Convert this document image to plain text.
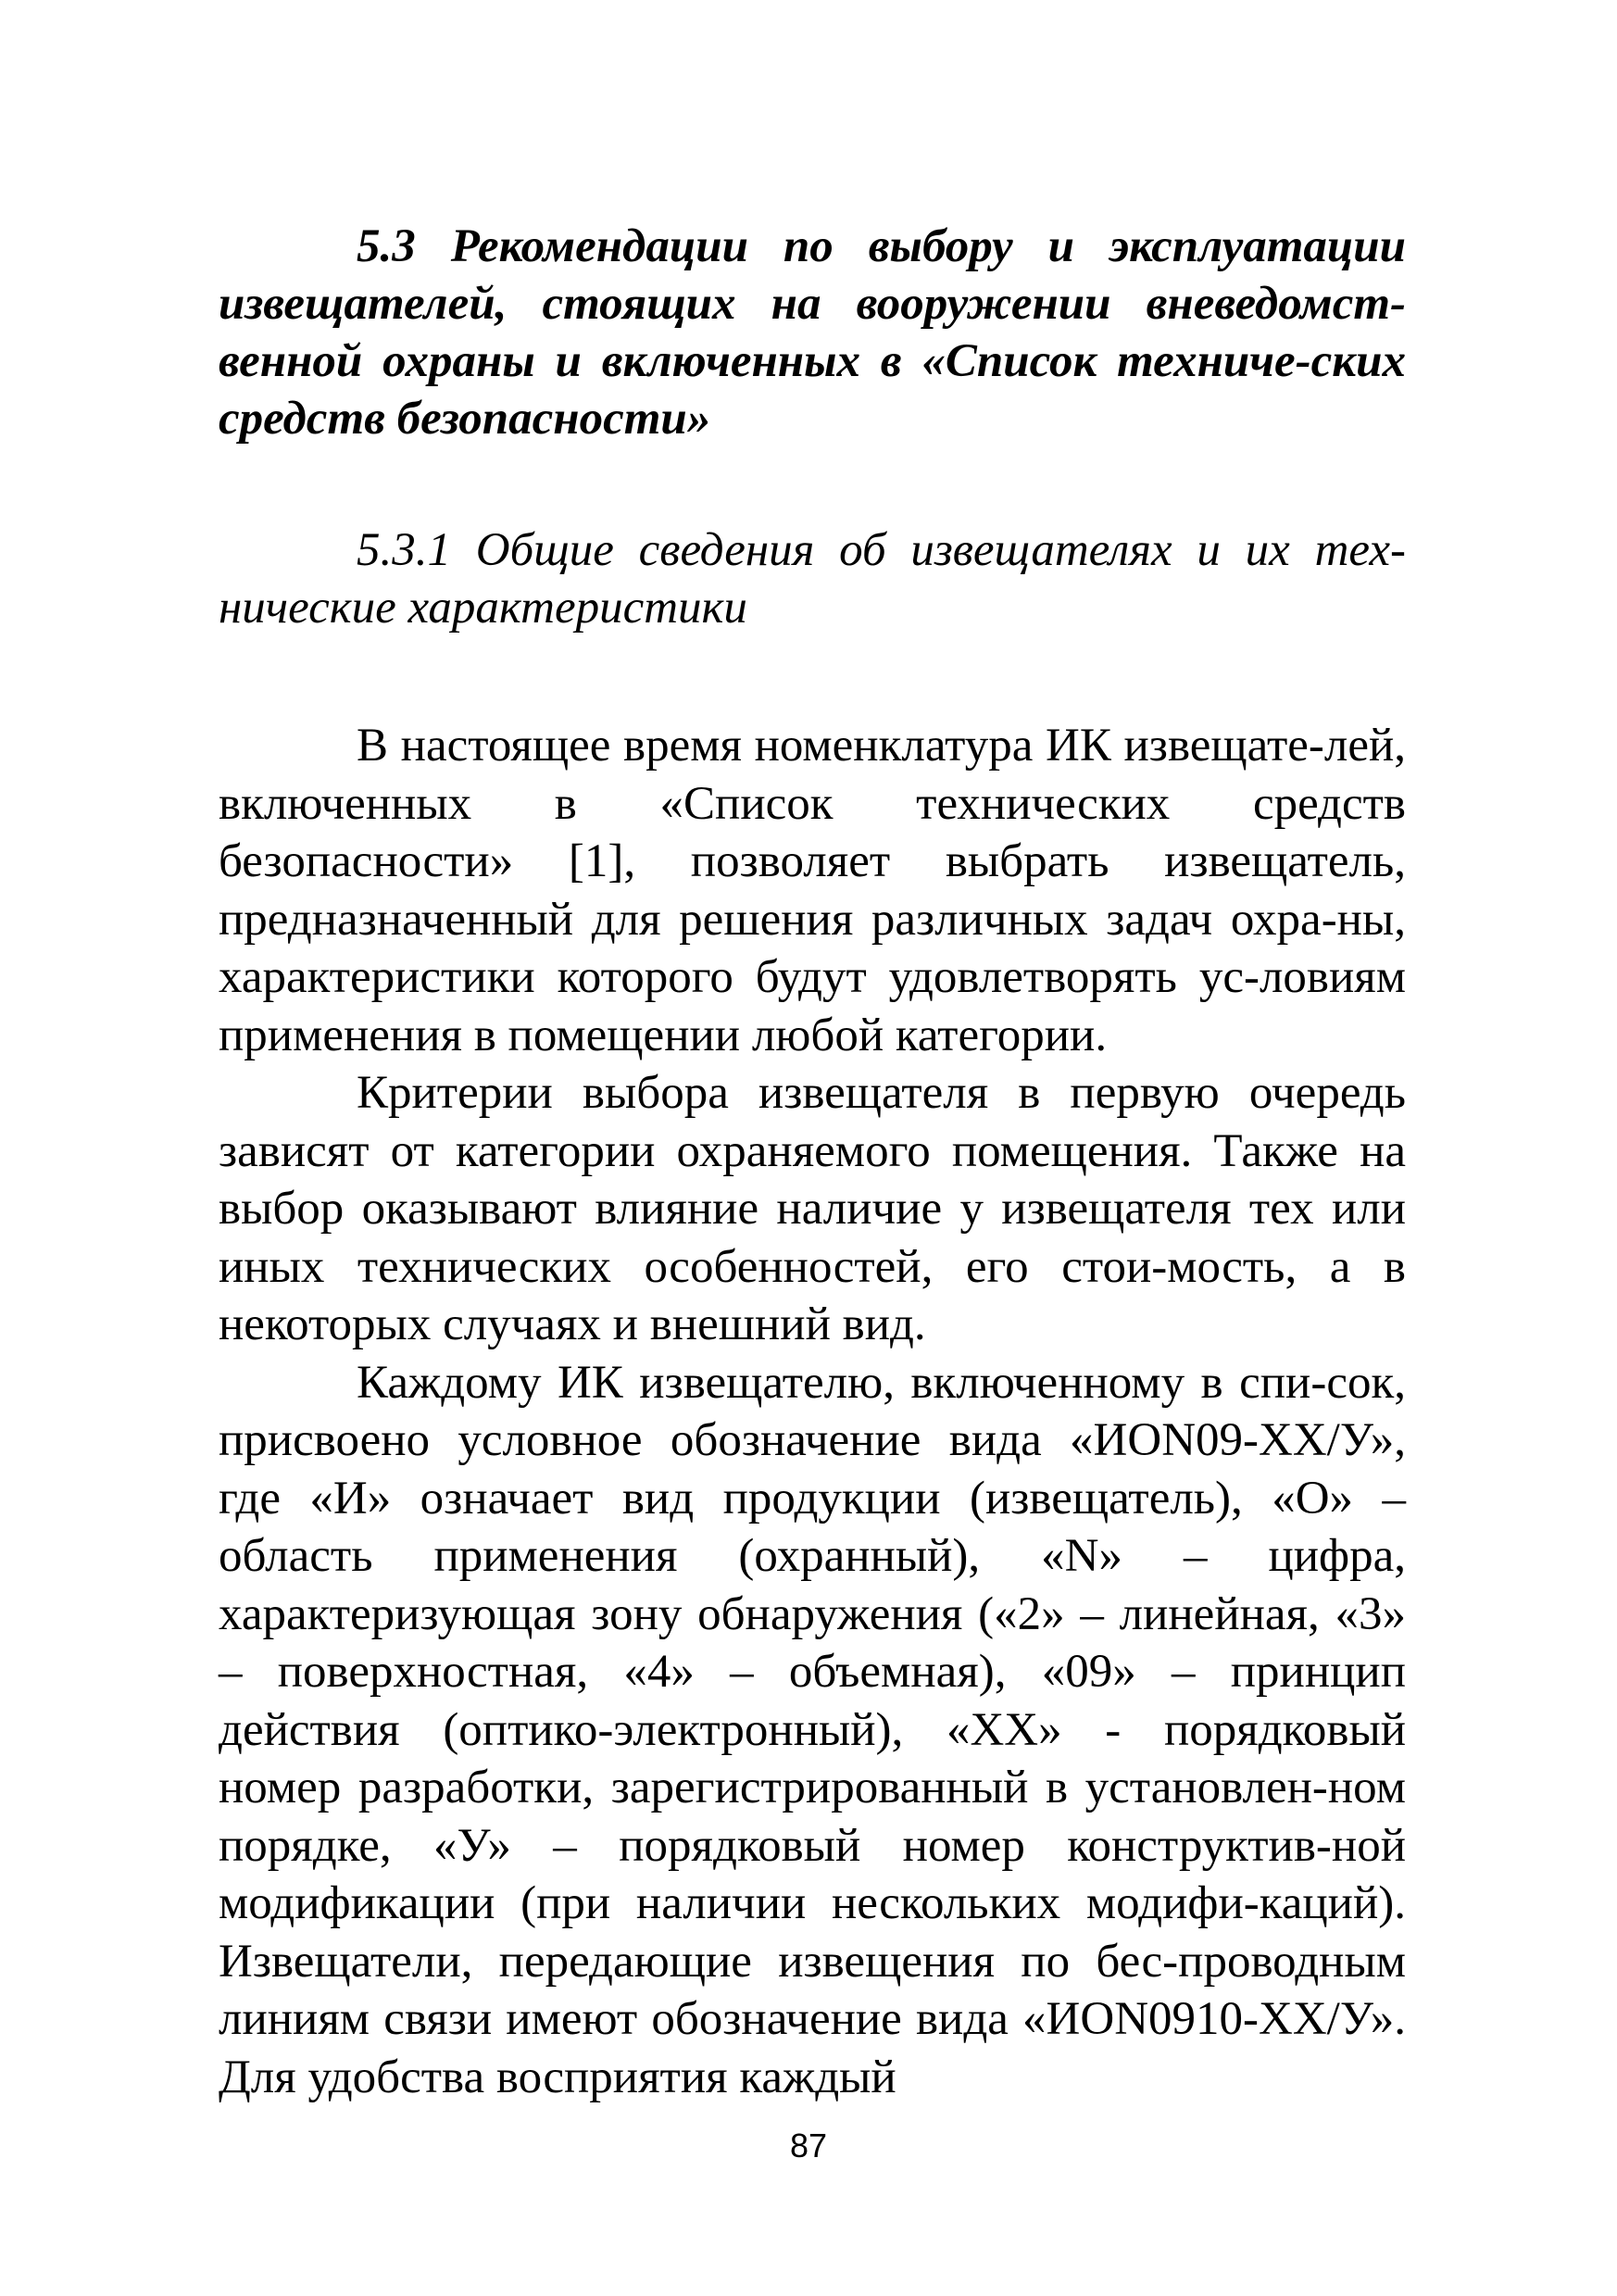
5.3 Рекомендации по выбору и эксплуатации извещателей, стоящих на вооружении вневедомст-венной охраны и включенных в «Список техниче-ских средств безопасности»

5.3.1 Общие сведения об извещателях и их тех-нические характеристики

В настоящее время номенклатура ИК извещате-лей, включенных в «Список технических средств безопасности» [1], позволяет выбрать извещатель, предназначенный для решения различных задач охра-ны, характеристики которого будут удовлетворять ус-ловиям применения в помещении любой категории.

Критерии выбора извещателя в первую очередь зависят от категории охраняемого помещения. Также на выбор оказывают влияние наличие у извещателя тех или иных технических особенностей, его стои-мость, а в некоторых случаях и внешний вид.

Каждому ИК извещателю, включенному в спи-сок, присвоено условное обозначение вида «ИОN09-ХХ/У», где «И» означает вид продукции (извещатель), «О» – область применения (охранный), «N» – цифра, характеризующая зону обнаружения («2» – линейная, «3» – поверхностная, «4» – объемная), «09» – принцип действия (оптико-электронный), «ХХ» - порядковый номер разработки, зарегистрированный в установлен-ном порядке, «У» – порядковый номер конструктив-ной модификации (при наличии нескольких модифи-каций). Извещатели, передающие извещения по бес-проводным линиям связи имеют обозначение вида «ИОN0910-ХХ/У». Для удобства восприятия каждый

87
